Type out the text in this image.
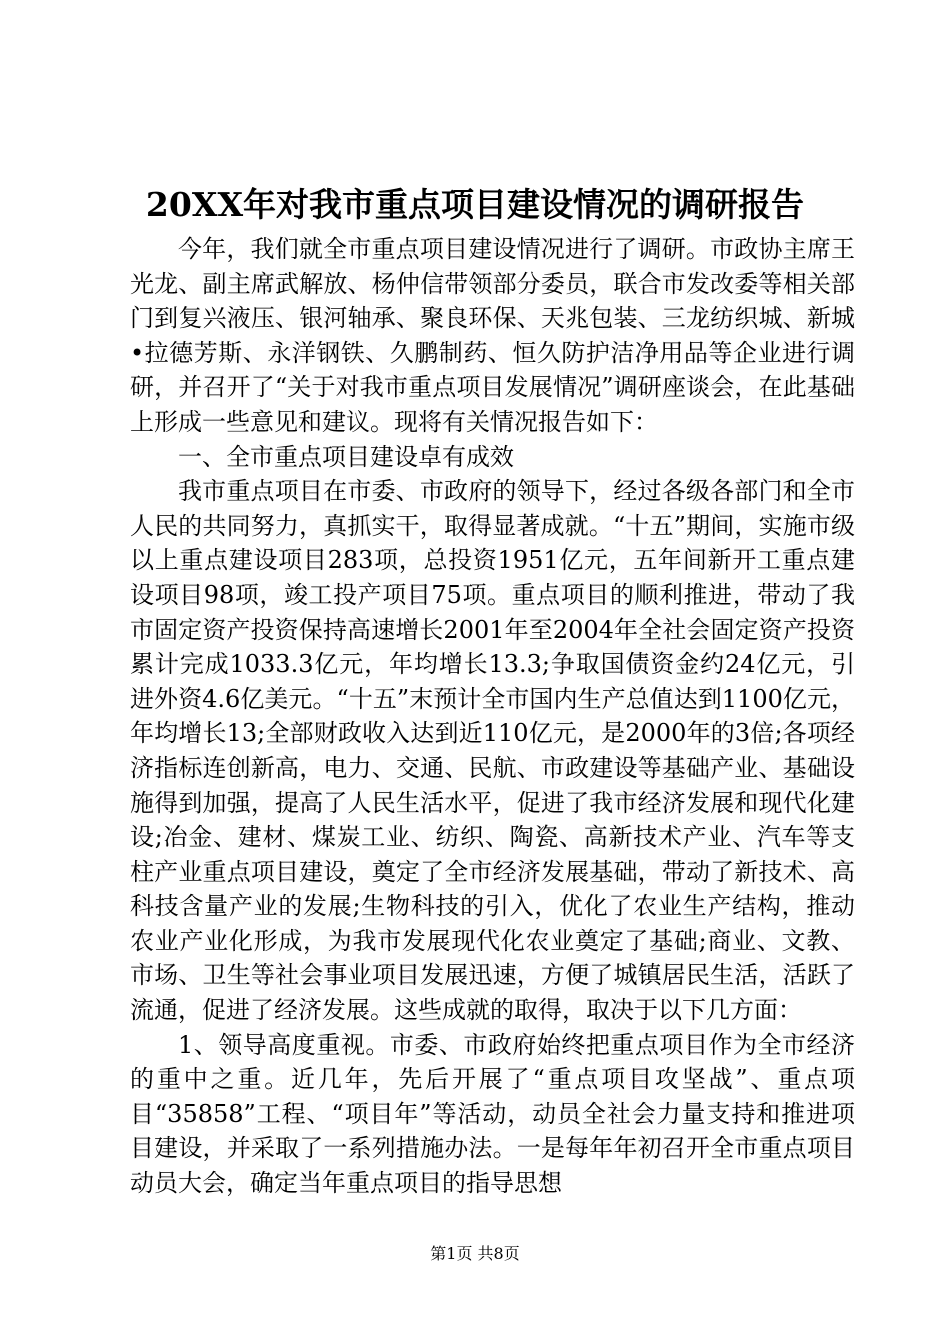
20XX年对我市重点项目建设情况的调研报告

今年，我们就全市重点项目建设情况进行了调研。市政协主席王光龙、副主席武解放、杨仲信带领部分委员，联合市发改委等相关部门到复兴液压、银河轴承、聚良环保、天兆包装、三龙纺织城、新城•拉德芳斯、永洋钢铁、久鹏制药、恒久防护洁净用品等企业进行调研，并召开了“关于对我市重点项目发展情况”调研座谈会，在此基础上形成一些意见和建议。现将有关情况报告如下：

一、全市重点项目建设卓有成效

我市重点项目在市委、市政府的领导下，经过各级各部门和全市人民的共同努力，真抓实干，取得显著成就。“十五”期间，实施市级以上重点建设项目283项，总投资1951亿元，五年间新开工重点建设项目98项，竣工投产项目75项。重点项目的顺利推进，带动了我市固定资产投资保持高速增长2001年至2004年全社会固定资产投资累计完成1033.3亿元，年均增长13.3;争取国债资金约24亿元，引进外资4.6亿美元。“十五”末预计全市国内生产总值达到1100亿元，年均增长13;全部财政收入达到近110亿元，是2000年的3倍;各项经济指标连创新高，电力、交通、民航、市政建设等基础产业、基础设施得到加强，提高了人民生活水平，促进了我市经济发展和现代化建设;冶金、建材、煤炭工业、纺织、陶瓷、高新技术产业、汽车等支柱产业重点项目建设，奠定了全市经济发展基础，带动了新技术、高科技含量产业的发展;生物科技的引入，优化了农业生产结构，推动农业产业化形成，为我市发展现代化农业奠定了基础;商业、文教、市场、卫生等社会事业项目发展迅速，方便了城镇居民生活，活跃了流通，促进了经济发展。这些成就的取得，取决于以下几方面：

1、领导高度重视。市委、市政府始终把重点项目作为全市经济的重中之重。近几年，先后开展了“重点项目攻坚战”、重点项目“35858”工程、“项目年”等活动，动员全社会力量支持和推进项目建设，并采取了一系列措施办法。一是每年年初召开全市重点项目动员大会，确定当年重点项目的指导思想

第1页 共8页
